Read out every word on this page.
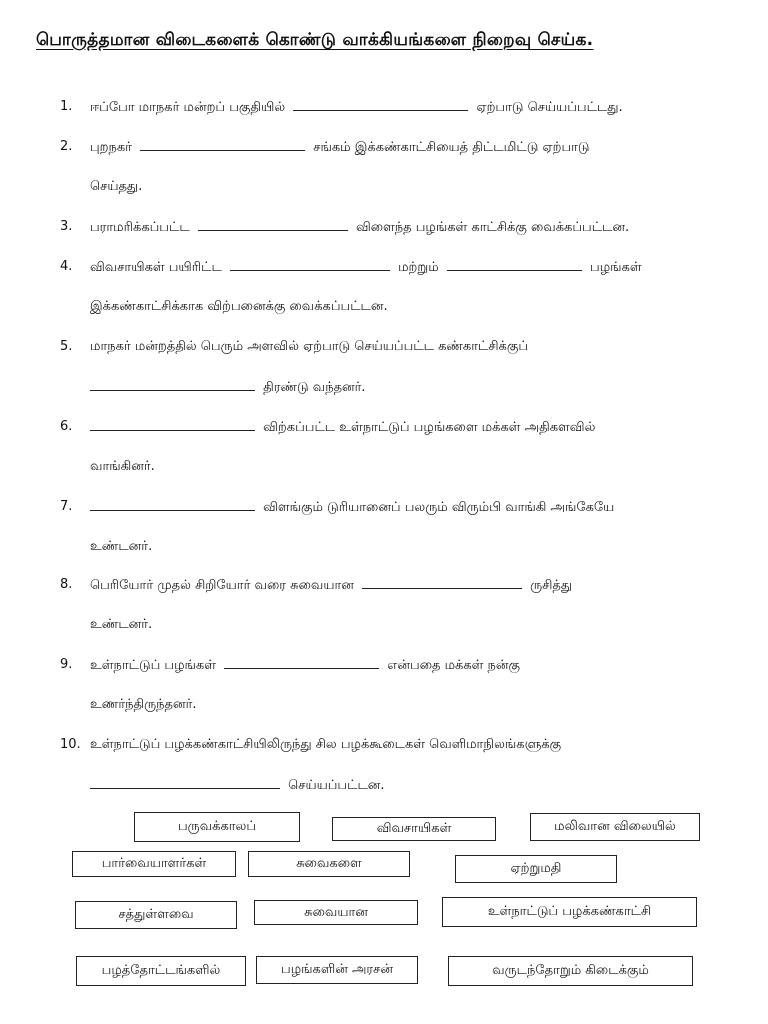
பொருத்தமான விடைகளைக் கொண்டு வாக்கியங்களை நிறைவு செய்க.
1. ஈப்போ மாநகர் மன்றப் பகுதியில்	ஏற்பாடு செய்யப்பட்டது.
2. புறநகர்	சங்கம் இக்கண்காட்சியைத் திட்டமிட்டு ஏற்பாடு
செய்தது.
3. பராமரிக்கப்பட்ட	விளைந்த பழங்கள் காட்சிக்கு வைக்கப்பட்டன.
4. விவசாயிகள் பயிரிட்ட	மற்றும்	பழங்கள்
இக்கண்காட்சிக்காக விற்பனைக்கு வைக்கப்பட்டன.
5. மாநகர் மன்றத்தில் பெரும் அளவில் ஏற்பாடு செய்யப்பட்ட கண்காட்சிக்குப்
திரண்டு வந்தனர்.
6.	விற்கப்பட்ட உள்நாட்டுப் பழங்களை மக்கள் அதிகளவில்
வாங்கினர்.
7.	விளங்கும் டுரியானைப் பலரும் விரும்பி வாங்கி அங்கேயே
உண்டனர்.
8. பெரியோர் முதல் சிறியோர் வரை சுவையான	ருசித்து
உண்டனர்.
9. உள்நாட்டுப் பழங்கள்	என்பதை மக்கள் நன்கு
உணர்ந்திருந்தனர்.
10. உள்நாட்டுப் பழக்கண்காட்சியிலிருந்து சில பழக்கூடைகள் வெளிமாநிலங்களுக்கு
செய்யப்பட்டன.
பருவக்காலப்	விவசாயிகள்	மலிவான விலையில்
பார்வையாளர்கள்	சுவைகளை	ஏற்றுமதி
சத்துள்ளவை	சுவையான	உள்நாட்டுப் பழக்கண்காட்சி
பழத்தோட்டங்களில்	பழங்களின் அரசன்	வருடந்தோறும் கிடைக்கும்
